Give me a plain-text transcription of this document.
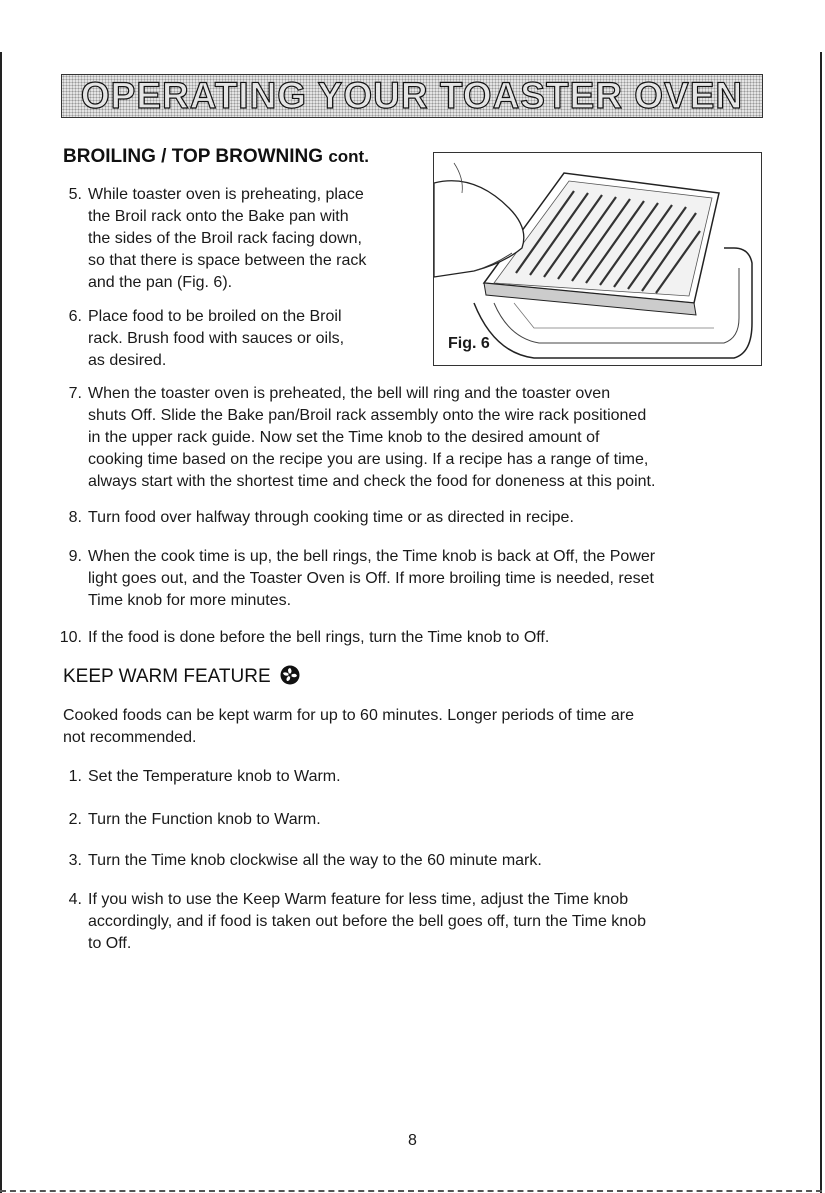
OPERATING YOUR TOASTER OVEN
BROILING / TOP BROWNING cont.
5. While toaster oven is preheating, place
the Broil rack onto the Bake pan with
the sides of the Broil rack facing down,
so that there is space between the rack
and the pan (Fig. 6).
6. Place food to be broiled on the Broil
rack. Brush food with sauces or oils,
as desired.
Fig. 6
7. When the toaster oven is preheated, the bell will ring and the toaster oven
shuts Off. Slide the Bake pan/Broil rack assembly onto the wire rack positioned
in the upper rack guide. Now set the Time knob to the desired amount of
cooking time based on the recipe you are using. If a recipe has a range of time,
always start with the shortest time and check the food for doneness at this point.
8. Turn food over halfway through cooking time or as directed in recipe.
9. When the cook time is up, the bell rings, the Time knob is back at Off, the Power
light goes out, and the Toaster Oven is Off. If more broiling time is needed, reset
Time knob for more minutes.
10. If the food is done before the bell rings, turn the Time knob to Off.
KEEP WARM FEATURE
Cooked foods can be kept warm for up to 60 minutes. Longer periods of time are
not recommended.
1. Set the Temperature knob to Warm.
2. Turn the Function knob to Warm.
3. Turn the Time knob clockwise all the way to the 60 minute mark.
4. If you wish to use the Keep Warm feature for less time, adjust the Time knob
accordingly, and if food is taken out before the bell goes off, turn the Time knob
to Off.
8
